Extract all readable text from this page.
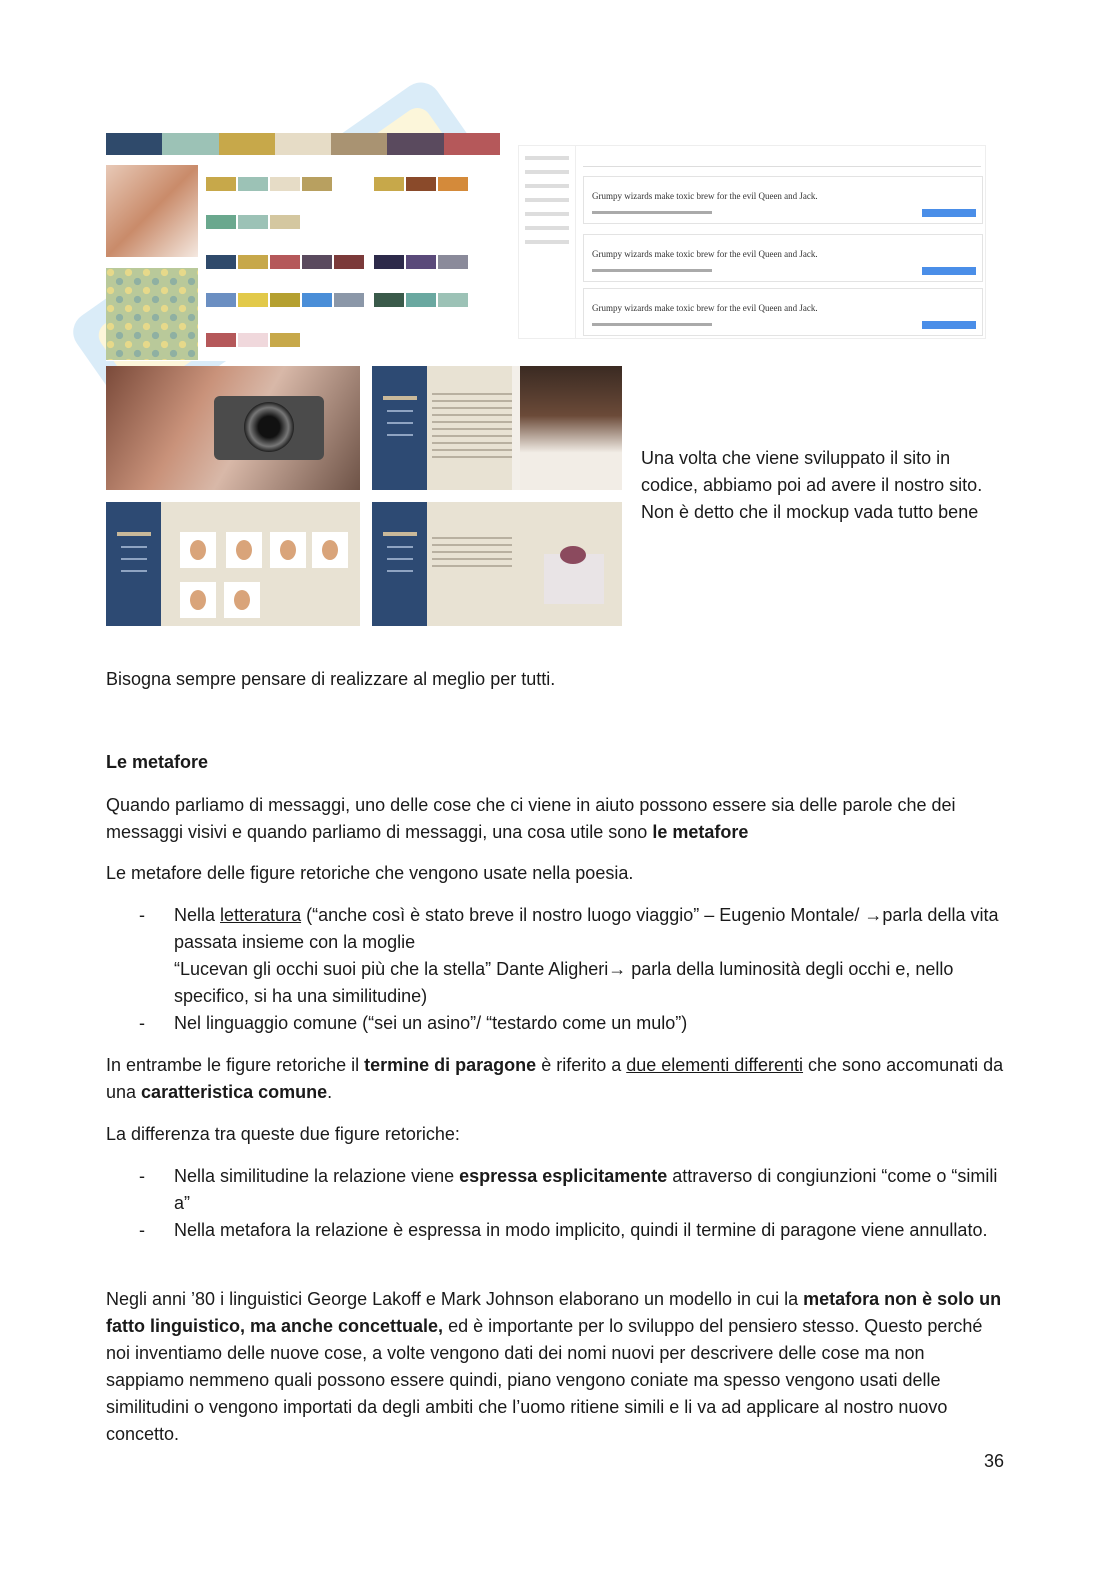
Grumpy wizards make toxic brew for the evil Queen and Jack.
Grumpy wizards make toxic brew for the evil Queen and Jack.
Grumpy wizards make toxic brew for the evil Queen and Jack.
Una volta che viene sviluppato il sito in
codice, abbiamo poi ad avere il nostro sito.
Non è detto che il mockup vada tutto bene

Bisogna sempre pensare di realizzare al meglio per tutti.

Le metafore

Quando parliamo di messaggi, uno delle cose che ci viene in aiuto possono essere sia delle parole che dei messaggi visivi e quando parliamo di messaggi, una cosa utile sono le metafore

Le metafore delle figure retoriche che vengono usate nella poesia.

- Nella letteratura (“anche così è stato breve il nostro luogo viaggio” – Eugenio Montale/ →parla della vita passata insieme con la moglie
“Lucevan gli occhi suoi più che la stella” Dante Aligheri→ parla della luminosità degli occhi e, nello specifico, si ha una similitudine)
- Nel linguaggio comune (“sei un asino”/ “testardo come un mulo”)

In entrambe le figure retoriche il termine di paragone è riferito a due elementi differenti che sono accomunati da una caratteristica comune.

La differenza tra queste due figure retoriche:

- Nella similitudine la relazione viene espressa esplicitamente attraverso di congiunzioni “come o “simili a”
- Nella metafora la relazione è espressa in modo implicito, quindi il termine di paragone viene annullato.

Negli anni ’80 i linguistici George Lakoff e Mark Johnson elaborano un modello in cui la metafora non è solo un fatto linguistico, ma anche concettuale, ed è importante per lo sviluppo del pensiero stesso. Questo perché noi inventiamo delle nuove cose, a volte vengono dati dei nomi nuovi per descrivere delle cose ma non sappiamo nemmeno quali possono essere quindi, piano vengono coniate ma spesso vengono usati delle similitudini o vengono importati da degli ambiti che l’uomo ritiene simili e li va ad applicare al nostro nuovo concetto.

36
